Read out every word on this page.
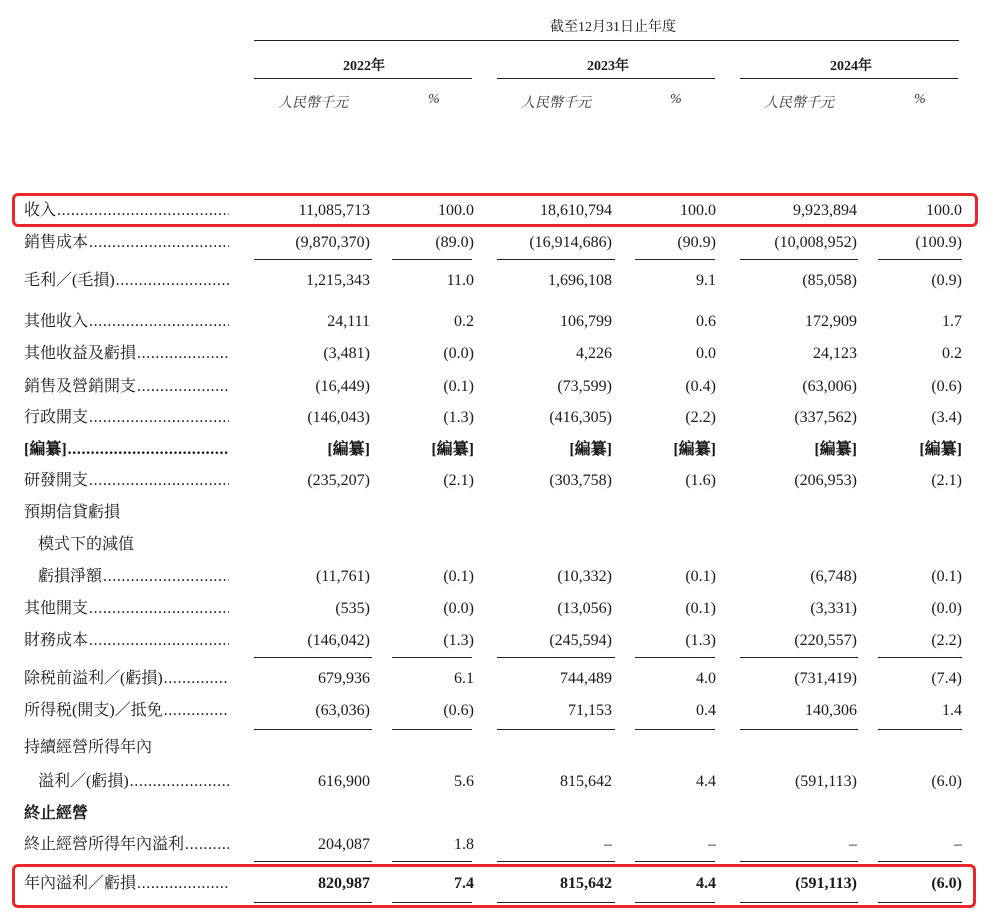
截至12月31日止年度
2022年	2023年	2024年
人民幣千元	%	人民幣千元	%	人民幣千元	%
收入 .....	11,085,713	100.0	18,610,794	100.0	9,923,894	100.0
銷售成本 .....	(9,870,370)	(89.0)	(16,914,686)	(90.9)	(10,008,952)	(100.9)
毛利／(毛損) .....	1,215,343	11.0	1,696,108	9.1	(85,058)	(0.9)
其他收入 .....	24,111	0.2	106,799	0.6	172,909	1.7
其他收益及虧損 .....	(3,481)	(0.0)	4,226	0.0	24,123	0.2
銷售及營銷開支 .....	(16,449)	(0.1)	(73,599)	(0.4)	(63,006)	(0.6)
行政開支 .....	(146,043)	(1.3)	(416,305)	(2.2)	(337,562)	(3.4)
[編纂] .....	[編纂]	[編纂]	[編纂]	[編纂]	[編纂]	[編纂]
研發開支 .....	(235,207)	(2.1)	(303,758)	(1.6)	(206,953)	(2.1)
預期信貸虧損
模式下的減值
虧損淨額 .....	(11,761)	(0.1)	(10,332)	(0.1)	(6,748)	(0.1)
其他開支 .....	(535)	(0.0)	(13,056)	(0.1)	(3,331)	(0.0)
財務成本 .....	(146,042)	(1.3)	(245,594)	(1.3)	(220,557)	(2.2)
除税前溢利／(虧損) .....	679,936	6.1	744,489	4.0	(731,419)	(7.4)
所得税(開支)／抵免 .....	(63,036)	(0.6)	71,153	0.4	140,306	1.4
持續經營所得年內
溢利／(虧損) .....	616,900	5.6	815,642	4.4	(591,113)	(6.0)
終止經營
終止經營所得年內溢利 .....	204,087	1.8	–	–	–	–
年內溢利／虧損 .....	820,987	7.4	815,642	4.4	(591,113)	(6.0)
